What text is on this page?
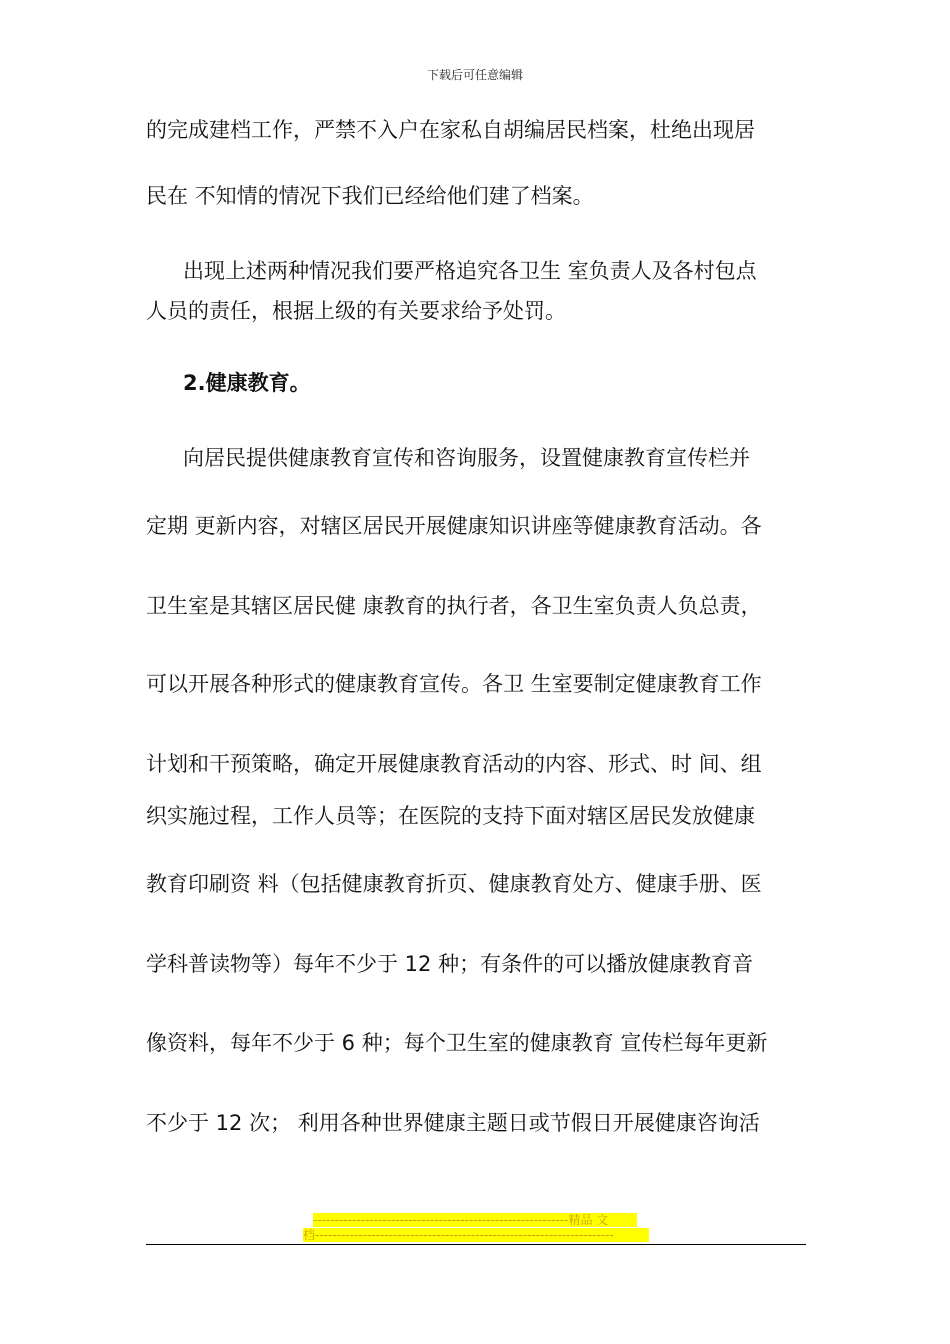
下载后可任意编辑
的完成建档工作，严禁不入户在家私自胡编居民档案，杜绝出现居
民在 不知情的情况下我们已经给他们建了档案。
出现上述两种情况我们要严格追究各卫生 室负责人及各村包点
人员的责任，根据上级的有关要求给予处罚。
2.健康教育。
向居民提供健康教育宣传和咨询服务，设置健康教育宣传栏并
定期 更新内容，对辖区居民开展健康知识讲座等健康教育活动。各
卫生室是其辖区居民健 康教育的执行者，各卫生室负责人负总责，
可以开展各种形式的健康教育宣传。各卫 生室要制定健康教育工作
计划和干预策略，确定开展健康教育活动的内容、形式、时 间、组
织实施过程，工作人员等；在医院的支持下面对辖区居民发放健康
教育印刷资 料（包括健康教育折页、健康教育处方、健康手册、医
学科普读物等）每年不少于 12 种；有条件的可以播放健康教育音
像资料，每年不少于 6 种；每个卫生室的健康教育 宣传栏每年更新
不少于 12 次； 利用各种世界健康主题日或节假日开展健康咨询活
-----------------------------------------------------------精品 文
档---------------------------------------------------------------------
